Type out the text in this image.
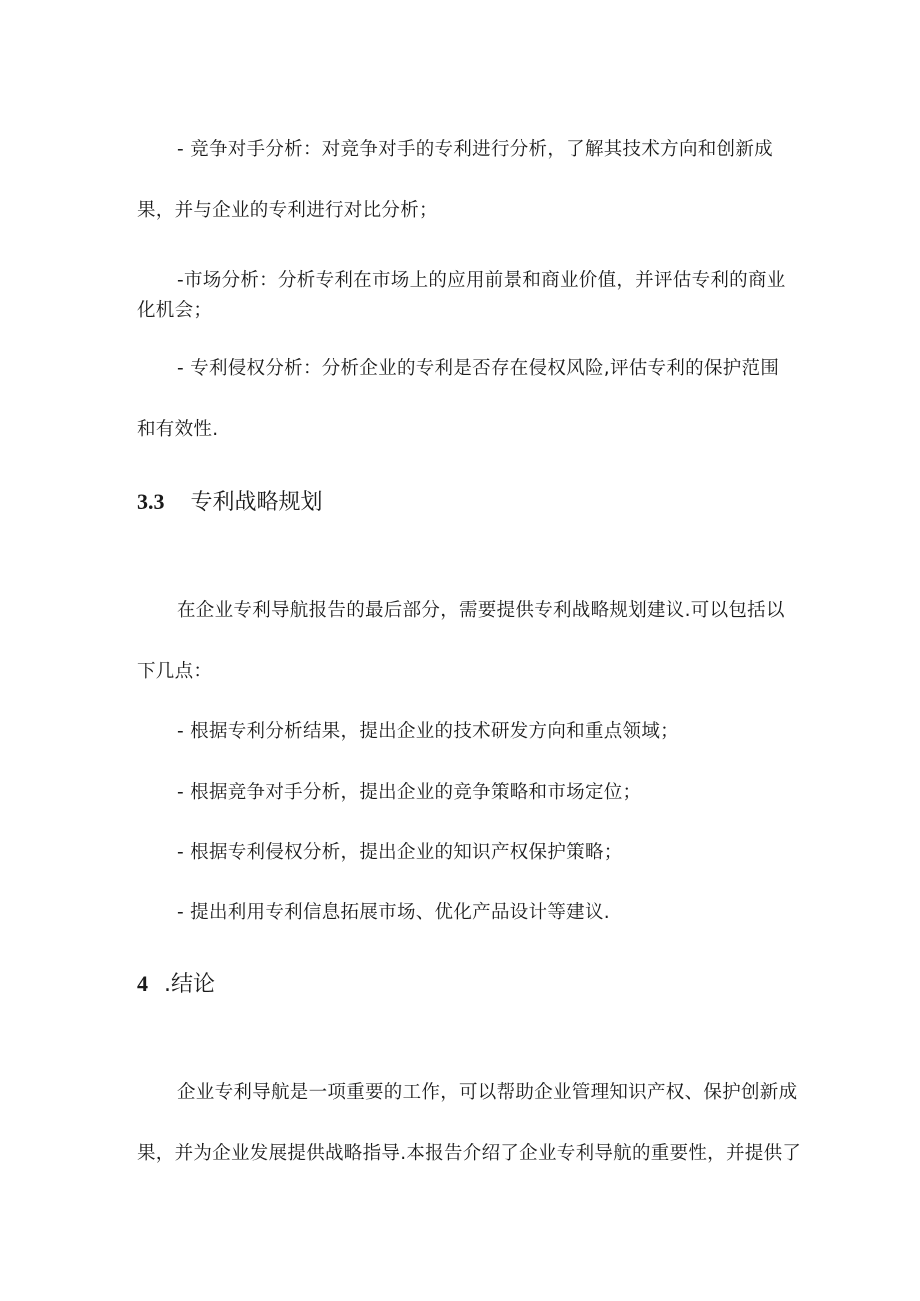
- 竞争对手分析：对竞争对手的专利进行分析，了解其技术方向和创新成
果，并与企业的专利进行对比分析；
-市场分析：分析专利在市场上的应用前景和商业价值，并评估专利的商业
化机会；
- 专利侵权分析：分析企业的专利是否存在侵权风险,评估专利的保护范围
和有效性.
3.3 专利战略规划
在企业专利导航报告的最后部分，需要提供专利战略规划建议.可以包括以
下几点：
- 根据专利分析结果，提出企业的技术研发方向和重点领域；
- 根据竞争对手分析，提出企业的竞争策略和市场定位；
- 根据专利侵权分析，提出企业的知识产权保护策略；
- 提出利用专利信息拓展市场、优化产品设计等建议.
4 .结论
企业专利导航是一项重要的工作，可以帮助企业管理知识产权、保护创新成
果，并为企业发展提供战略指导.本报告介绍了企业专利导航的重要性，并提供了
